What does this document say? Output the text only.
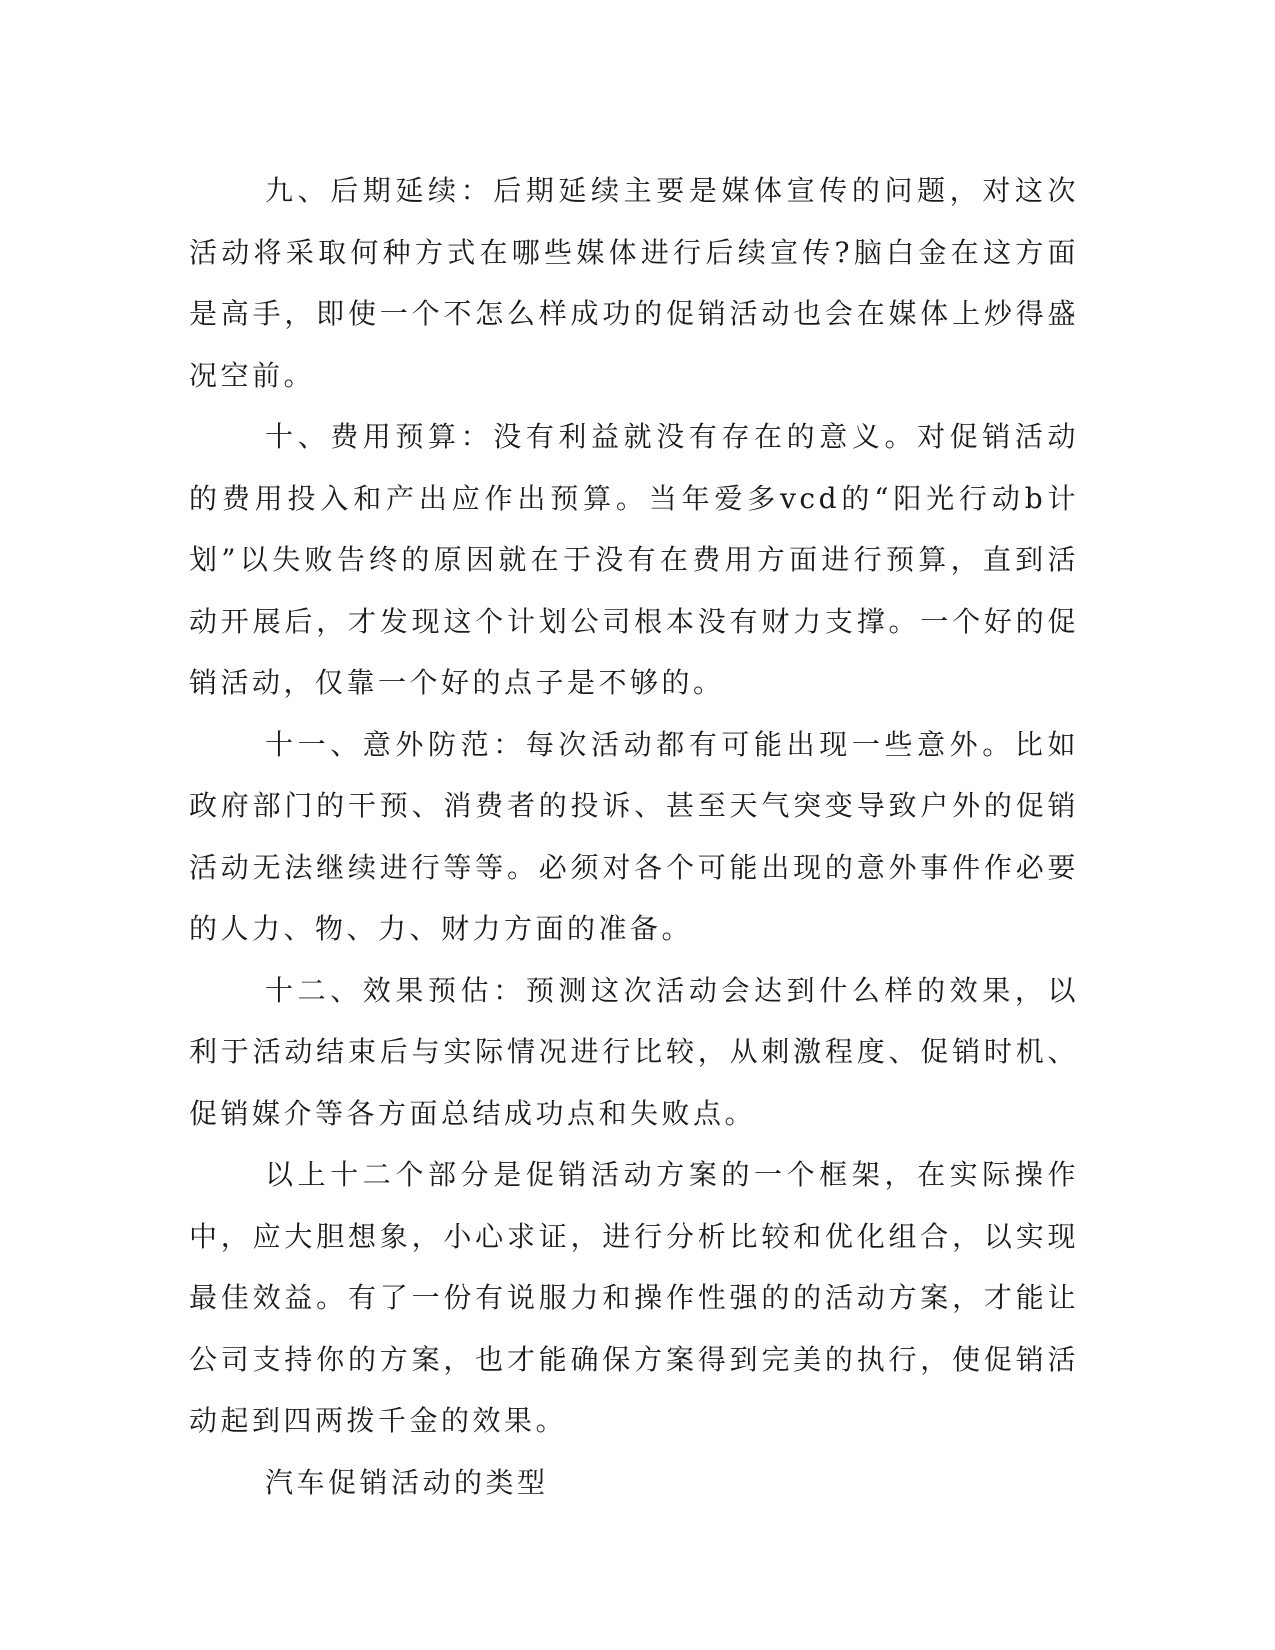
九、后期延续：后期延续主要是媒体宣传的问题，对这次活动将采取何种方式在哪些媒体进行后续宣传?脑白金在这方面是高手，即使一个不怎么样成功的促销活动也会在媒体上炒得盛况空前。

十、费用预算：没有利益就没有存在的意义。对促销活动的费用投入和产出应作出预算。当年爱多vcd的“阳光行动b计划”以失败告终的原因就在于没有在费用方面进行预算，直到活动开展后，才发现这个计划公司根本没有财力支撑。一个好的促销活动，仅靠一个好的点子是不够的。

十一、意外防范：每次活动都有可能出现一些意外。比如政府部门的干预、消费者的投诉、甚至天气突变导致户外的促销活动无法继续进行等等。必须对各个可能出现的意外事件作必要的人力、物、力、财力方面的准备。

十二、效果预估：预测这次活动会达到什么样的效果，以利于活动结束后与实际情况进行比较，从刺激程度、促销时机、促销媒介等各方面总结成功点和失败点。

以上十二个部分是促销活动方案的一个框架，在实际操作中，应大胆想象，小心求证，进行分析比较和优化组合，以实现最佳效益。有了一份有说服力和操作性强的的活动方案，才能让公司支持你的方案，也才能确保方案得到完美的执行，使促销活动起到四两拨千金的效果。

汽车促销活动的类型
